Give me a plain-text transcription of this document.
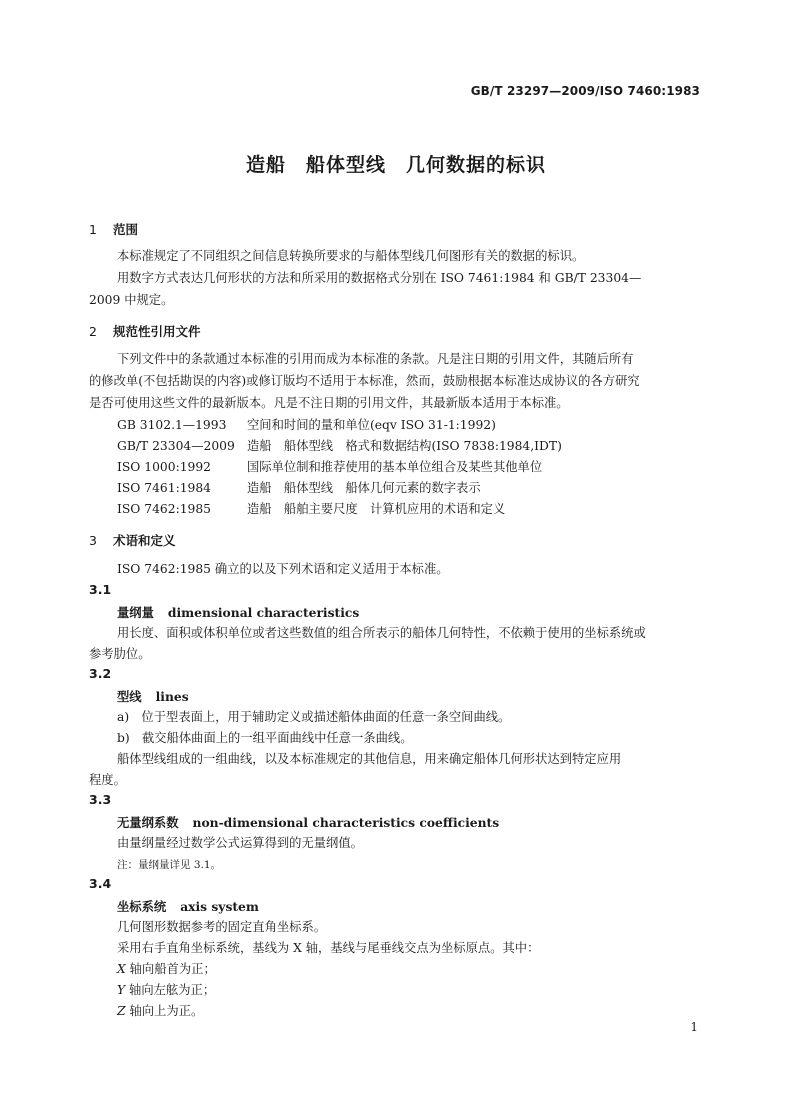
GB/T 23297—2009/ISO 7460:1983
造船　船体型线　几何数据的标识
1 范围
本标准规定了不同组织之间信息转换所要求的与船体型线几何图形有关的数据的标识。
用数字方式表达几何形状的方法和所采用的数据格式分别在 ISO 7461:1984 和 GB/T 23304—
2009 中规定。
2 规范性引用文件
下列文件中的条款通过本标准的引用而成为本标准的条款。凡是注日期的引用文件，其随后所有
的修改单(不包括勘误的内容)或修订版均不适用于本标准，然而，鼓励根据本标准达成协议的各方研究
是否可使用这些文件的最新版本。凡是不注日期的引用文件，其最新版本适用于本标准。
GB 3102.1—1993 空间和时间的量和单位(eqv ISO 31-1:1992)
GB/T 23304—2009 造船　船体型线　格式和数据结构(ISO 7838:1984,IDT)
ISO 1000:1992	国际单位制和推荐使用的基本单位组合及某些其他单位
ISO 7461:1984	造船　船体型线　船体几何元素的数字表示
ISO 7462:1985	造船　船舶主要尺度　计算机应用的术语和定义
3 术语和定义
ISO 7462:1985 确立的以及下列术语和定义适用于本标准。
3.1
量纲量 dimensional characteristics
用长度、面积或体积单位或者这些数值的组合所表示的船体几何特性，不依赖于使用的坐标系统或
参考肋位。
3.2
型线 lines
a)　位于型表面上，用于辅助定义或描述船体曲面的任意一条空间曲线。
b)　截交船体曲面上的一组平面曲线中任意一条曲线。
船体型线组成的一组曲线，以及本标准规定的其他信息，用来确定船体几何形状达到特定应用
程度。
3.3
无量纲系数 non-dimensional characteristics coefficients
由量纲量经过数学公式运算得到的无量纲值。
注：量纲量详见 3.1。
3.4
坐标系统 axis system
几何图形数据参考的固定直角坐标系。
采用右手直角坐标系统，基线为 X 轴，基线与尾垂线交点为坐标原点。其中：
X 轴向船首为正；
Y 轴向左舷为正；
Z 轴向上为正。
1
